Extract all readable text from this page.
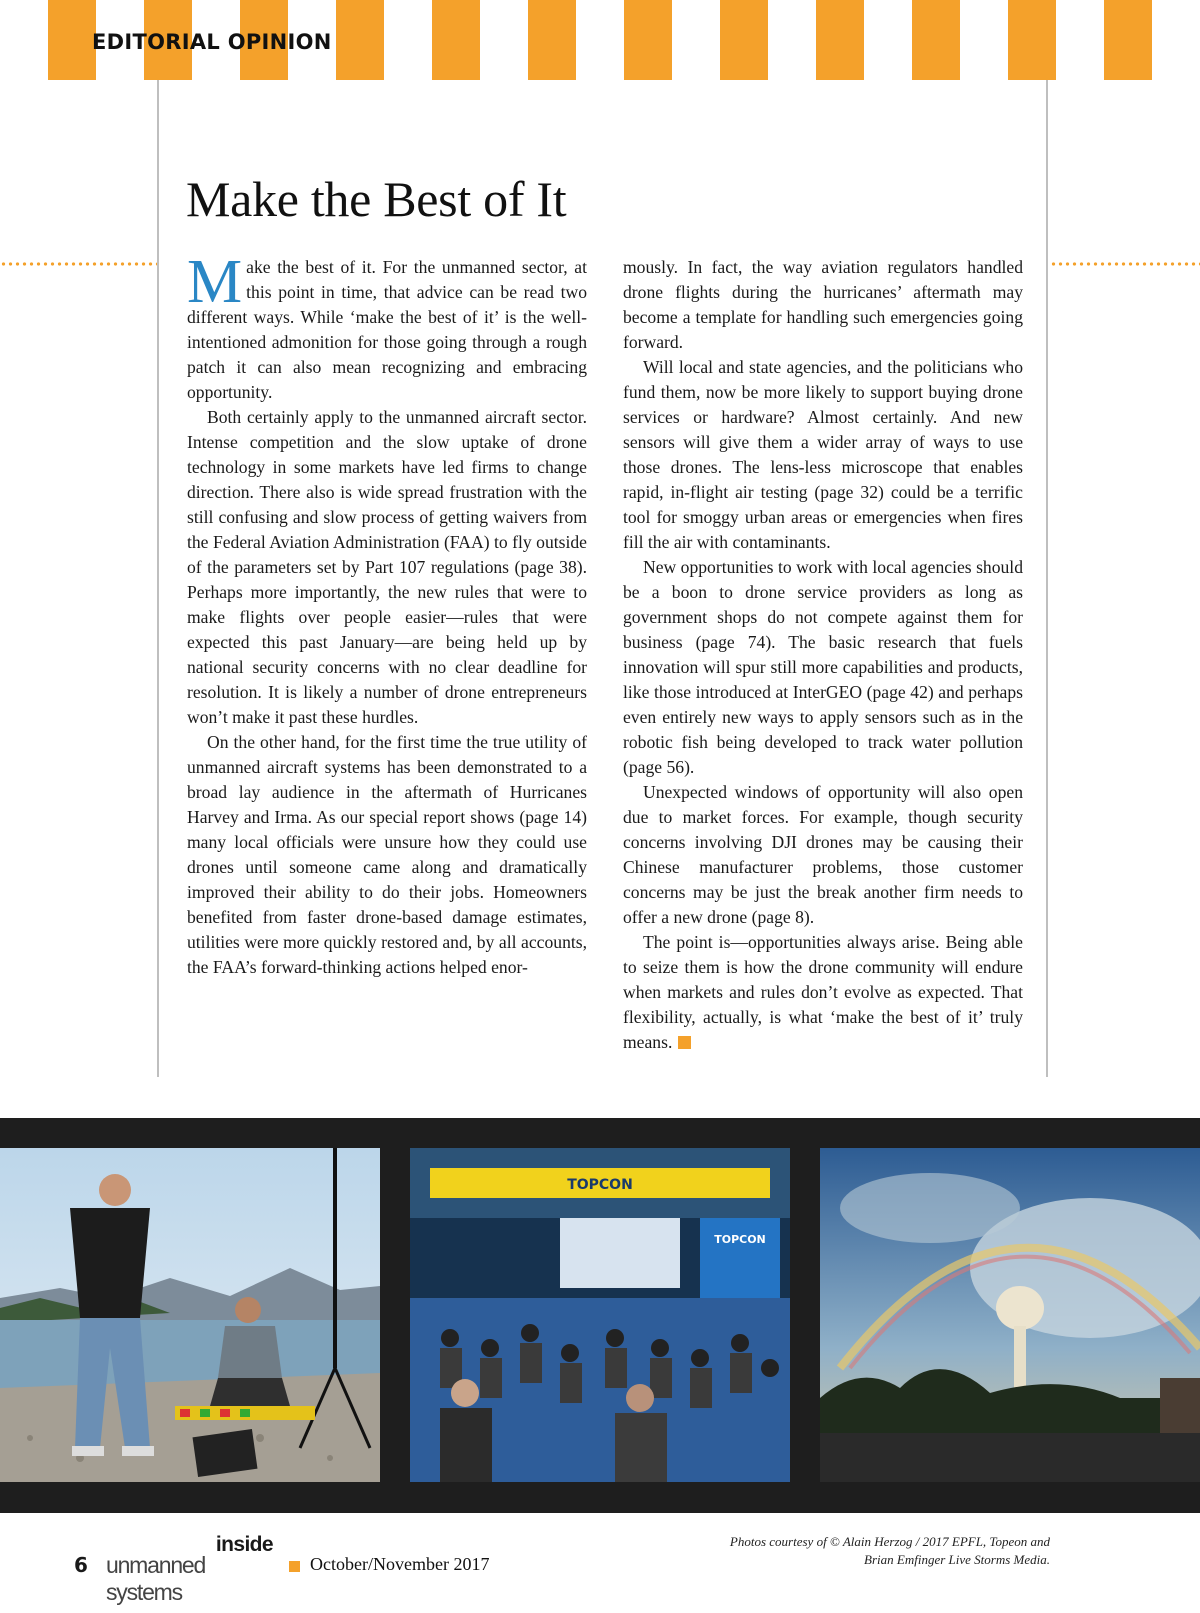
EDITORIAL OPINION
Make the Best of It

Make the best of it. For the unmanned sector, at this point in time, that advice can be read two different ways. While ‘make the best of it’ is the well-intentioned admonition for those going through a rough patch it can also mean recognizing and embracing opportunity.

Both certainly apply to the unmanned aircraft sector. Intense competition and the slow uptake of drone technology in some markets have led firms to change direction. There also is wide spread frustration with the still confusing and slow process of getting waivers from the Federal Aviation Administration (FAA) to fly outside of the parameters set by Part 107 regulations (page 38). Perhaps more importantly, the new rules that were to make flights over people easier—rules that were expected this past January—are being held up by national security concerns with no clear deadline for resolution. It is likely a number of drone entrepreneurs won’t make it past these hurdles.

On the other hand, for the first time the true utility of unmanned aircraft systems has been demonstrated to a broad lay audience in the aftermath of Hurricanes Harvey and Irma. As our special report shows (page 14) many local officials were unsure how they could use drones until someone came along and dramatically improved their ability to do their jobs. Homeowners benefited from faster drone-based damage estimates, utilities were more quickly restored and, by all accounts, the FAA’s forward-thinking actions helped enor-

mously. In fact, the way aviation regulators handled drone flights during the hurricanes’ aftermath may become a template for handling such emergencies going forward.

Will local and state agencies, and the politicians who fund them, now be more likely to support buying drone services or hardware? Almost certainly. And new sensors will give them a wider array of ways to use those drones. The lens-less microscope that enables rapid, in-flight air testing (page 32) could be a terrific tool for smoggy urban areas or emergencies when fires fill the air with contaminants.

New opportunities to work with local agencies should be a boon to drone service providers as long as government shops do not compete against them for business (page 74). The basic research that fuels innovation will spur still more capabilities and products, like those introduced at InterGEO (page 42) and perhaps even entirely new ways to apply sensors such as in the robotic fish being developed to track water pollution (page 56).

Unexpected windows of opportunity will also open due to market forces. For example, though security concerns involving DJI drones may be causing their Chinese manufacturer problems, those customer concerns may be just the break another firm needs to offer a new drone (page 8).

The point is—opportunities always arise. Being able to seize them is how the drone community will endure when markets and rules don’t evolve as expected. That flexibility, actually, is what ‘make the best of it’ truly means.

TOPCON
TOPCON
6
inside
unmanned systems
October/November 2017
Photos courtesy of © Alain Herzog / 2017 EPFL, Topeon and
Brian Emfinger Live Storms Media.
